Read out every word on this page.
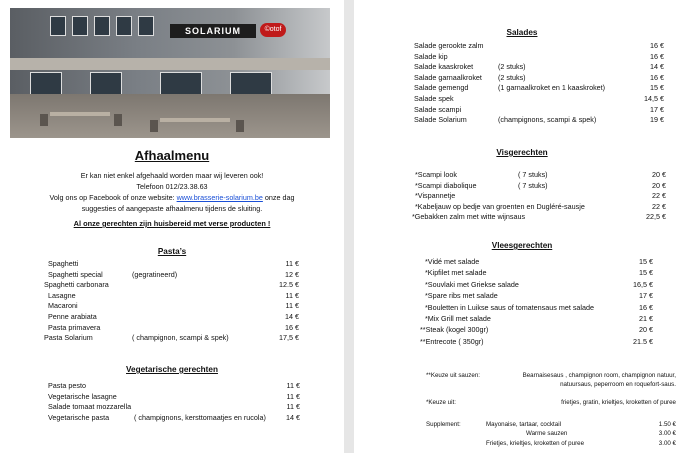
SOLARIUM	©otof
Afhaalmenu
Er kan niet enkel afgehaald worden maar wij leveren ook!
Telefoon 012/23.38.63
Volg ons op Facebook of onze website: www.brasserie-solarium.be onze dag
suggesties of aangepaste afhaalmenu tijdens de sluiting.
Al onze gerechten zijn huisbereid met verse producten !
Pasta’s
Spaghetti	11 €
Spaghetti special	(gegratineerd)	12 €
Spaghetti carbonara	12.5 €
Lasagne	11 €
Macaroni	11 €
Penne arabiata	14 €
Pasta primavera	16 €
Pasta Solarium	( champignon, scampi & spek)	17,5 €
Vegetarische gerechten
Pasta pesto	11 €
Vegetarische lasagne	11 €
Salade tomaat mozzarella	11 €
Vegetarische pasta	( champignons, kersttomaatjes en rucola)	14 €
Salades
Salade gerookte zalm	16 €
Salade kip	16 €
Salade kaaskroket	(2 stuks)	14 €
Salade garnaalkroket (2 stuks)	16 €
Salade gemengd	(1 garnaalkroket en 1 kaaskroket)	15 €
Salade spek	14,5 €
Salade scampi	17 €
Salade Solarium	(champignons, scampi & spek)	19 €
Visgerechten
*Scampi look	( 7 stuks)	20 €
*Scampi diabolique	( 7 stuks)	20 €
*Vispannetje	22 €
*Kabeljauw op bedje van groenten en Dugléré-sausje	22 €
*Gebakken zalm met witte wijnsaus	22,5 €
Vleesgerechten
*Vidé met salade	15 €
*Kipfilet met salade	15 €
*Souvlaki met Griekse salade	16,5 €
*Spare ribs met salade	17 €
*Bouletten in Luikse saus of tomatensaus met salade	16 €
*Mix Grill met salade	21 €
**Steak (kogel 300gr)	20 €
**Entrecote ( 350gr)	21.5 €
**Keuze uit sauzen:	Bearnaisesaus , champignon room, champignon natuur,
natuursaus, peperroom en roquefort-saus.
*Keuze uit:	frietjes, gratin, krieltjes, kroketten of puree
Supplement:	Mayonaise, tartaar, cocktail	1.50 €
Warme sauzen	3.00 €
Frietjes, krieltjes, kroketten of puree	3.00 €
